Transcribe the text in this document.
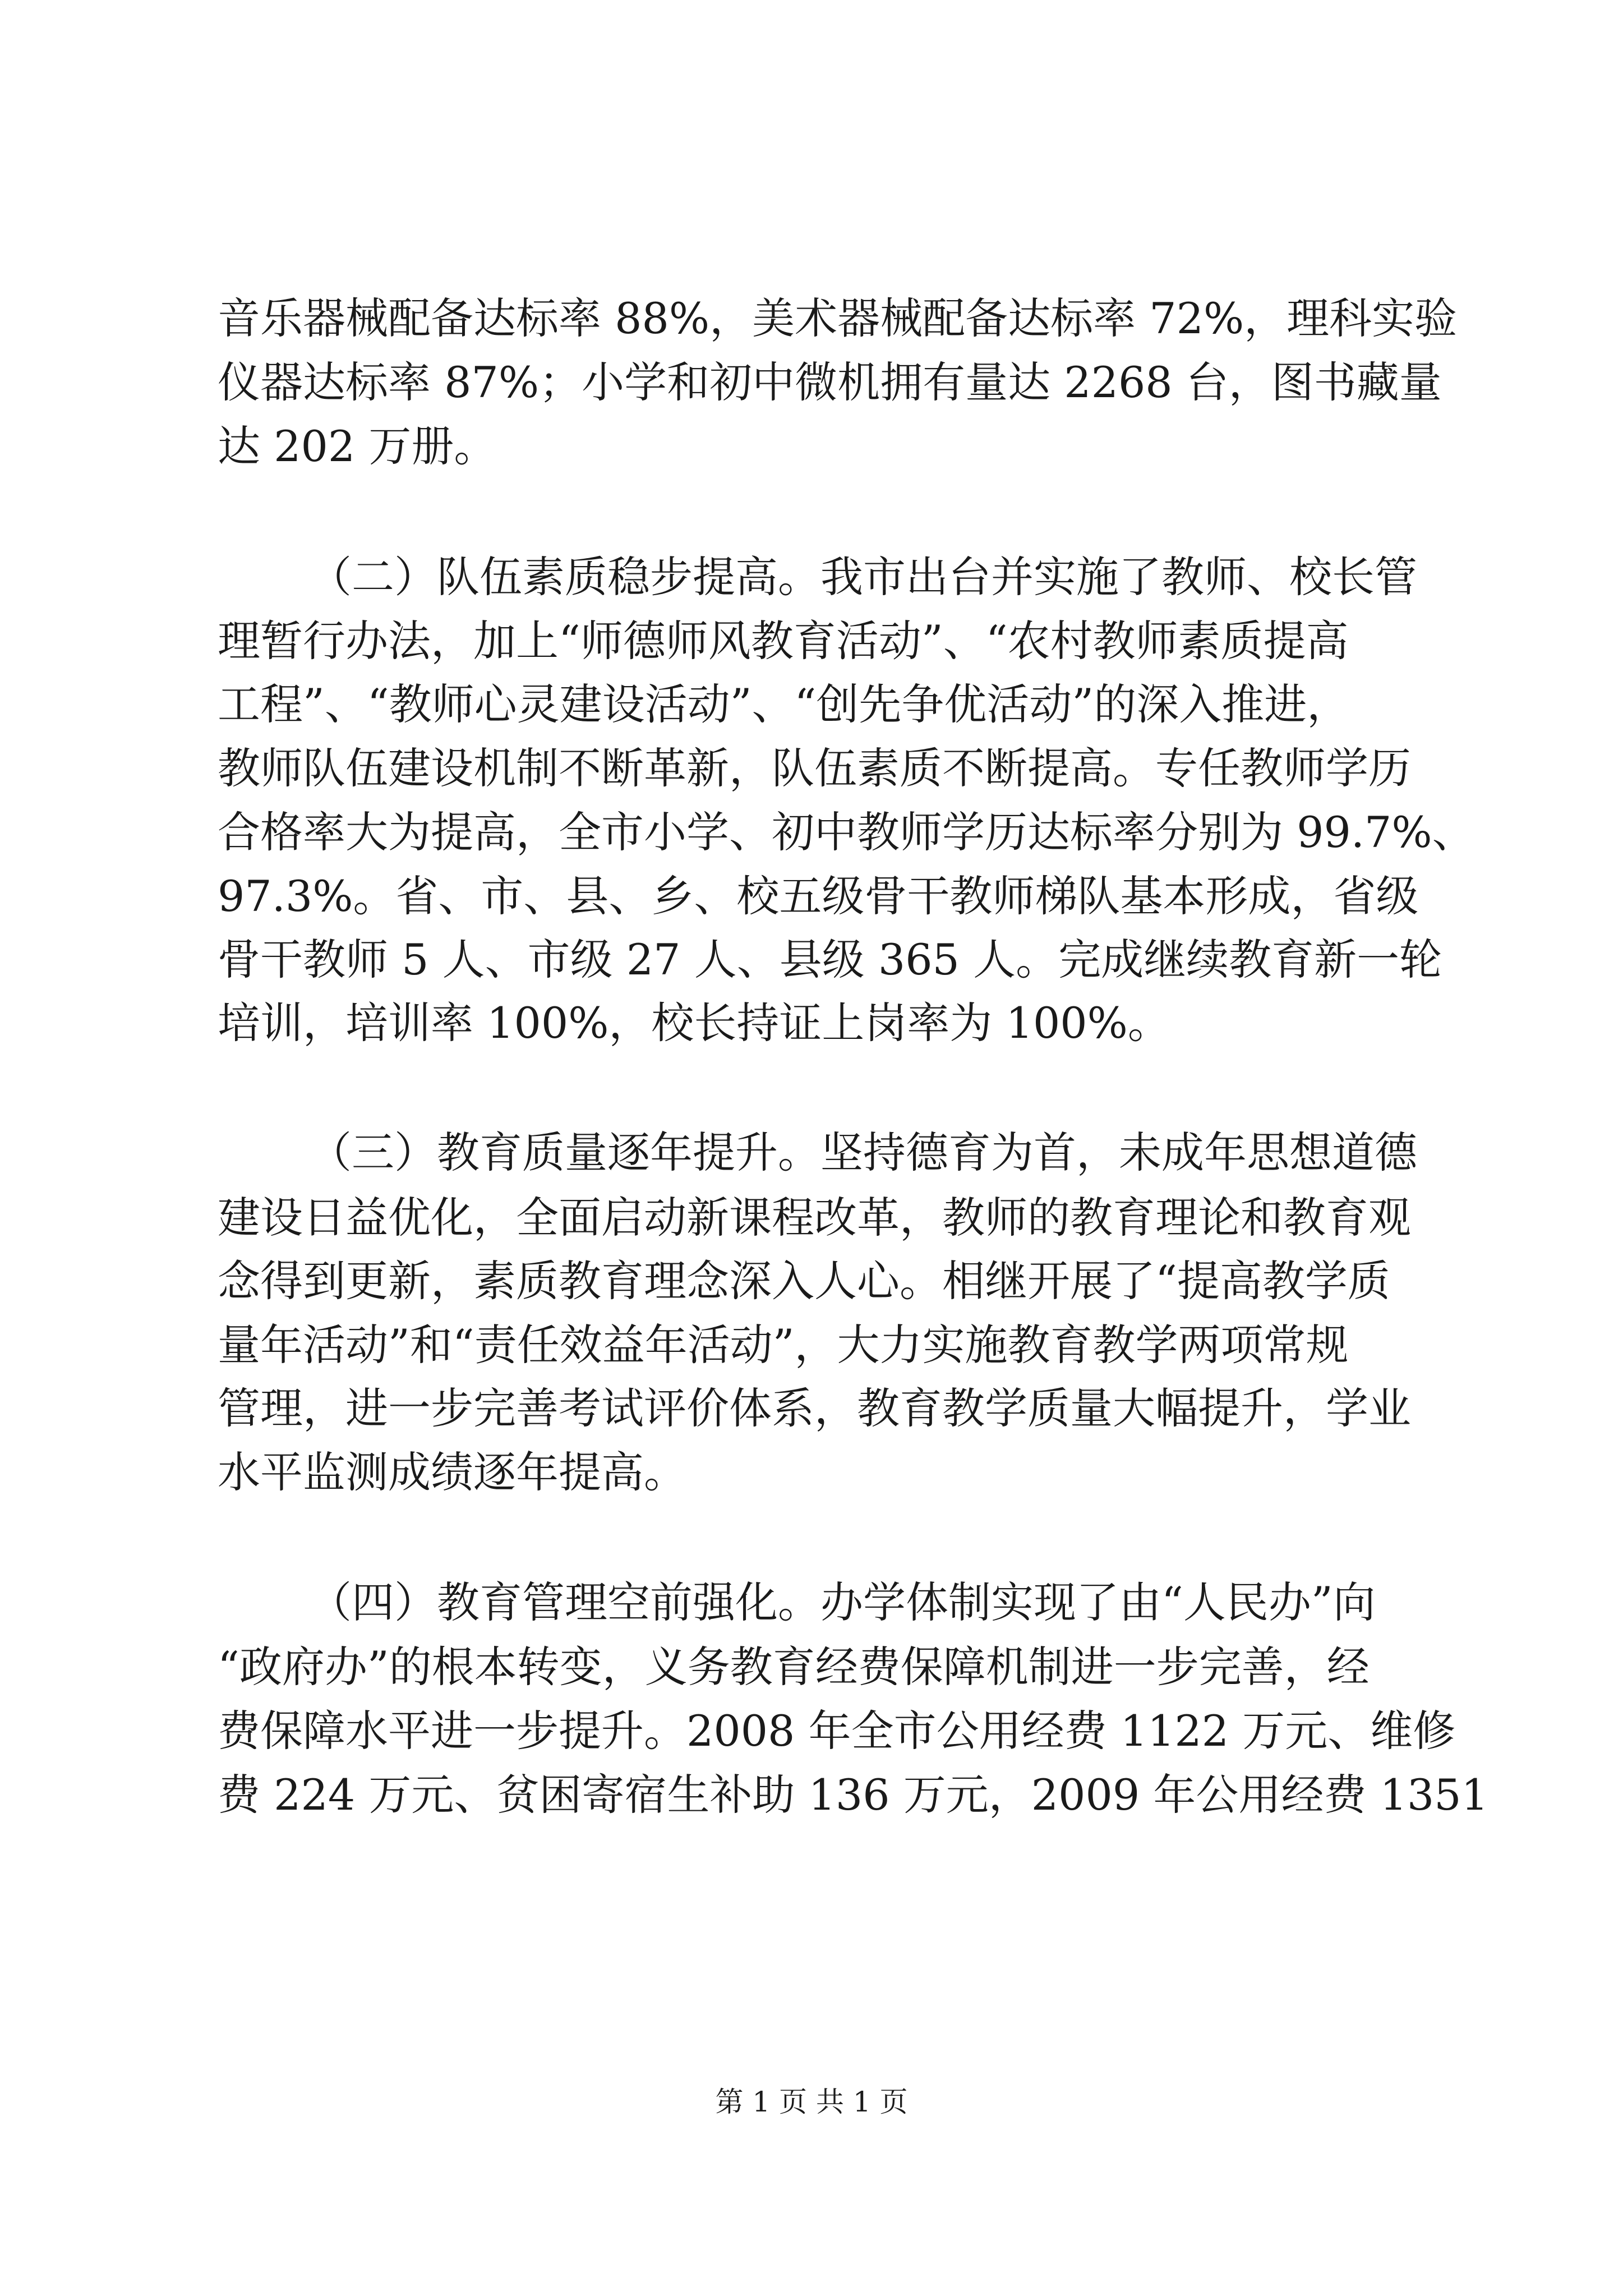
音乐器械配备达标率 88%，美术器械配备达标率 72%，理科实验
仪器达标率 87%；小学和初中微机拥有量达 2268 台，图书藏量
达 202 万册。
（二）队伍素质稳步提高。我市出台并实施了教师、校长管
理暂行办法，加上“师德师风教育活动”、“农村教师素质提高
工程”、“教师心灵建设活动”、“创先争优活动”的深入推进，
教师队伍建设机制不断革新，队伍素质不断提高。专任教师学历
合格率大为提高，全市小学、初中教师学历达标率分别为 99.7%、
97.3%。省、市、县、乡、校五级骨干教师梯队基本形成，省级
骨干教师 5 人、市级 27 人、县级 365 人。完成继续教育新一轮
培训，培训率 100%，校长持证上岗率为 100%。
（三）教育质量逐年提升。坚持德育为首，未成年思想道德
建设日益优化，全面启动新课程改革，教师的教育理论和教育观
念得到更新，素质教育理念深入人心。相继开展了“提高教学质
量年活动”和“责任效益年活动”，大力实施教育教学两项常规
管理，进一步完善考试评价体系，教育教学质量大幅提升，学业
水平监测成绩逐年提高。
（四）教育管理空前强化。办学体制实现了由“人民办”向
“政府办”的根本转变，义务教育经费保障机制进一步完善，经
费保障水平进一步提升。2008 年全市公用经费 1122 万元、维修
费 224 万元、贫困寄宿生补助 136 万元，2009 年公用经费 1351
第 1 页 共 1 页
